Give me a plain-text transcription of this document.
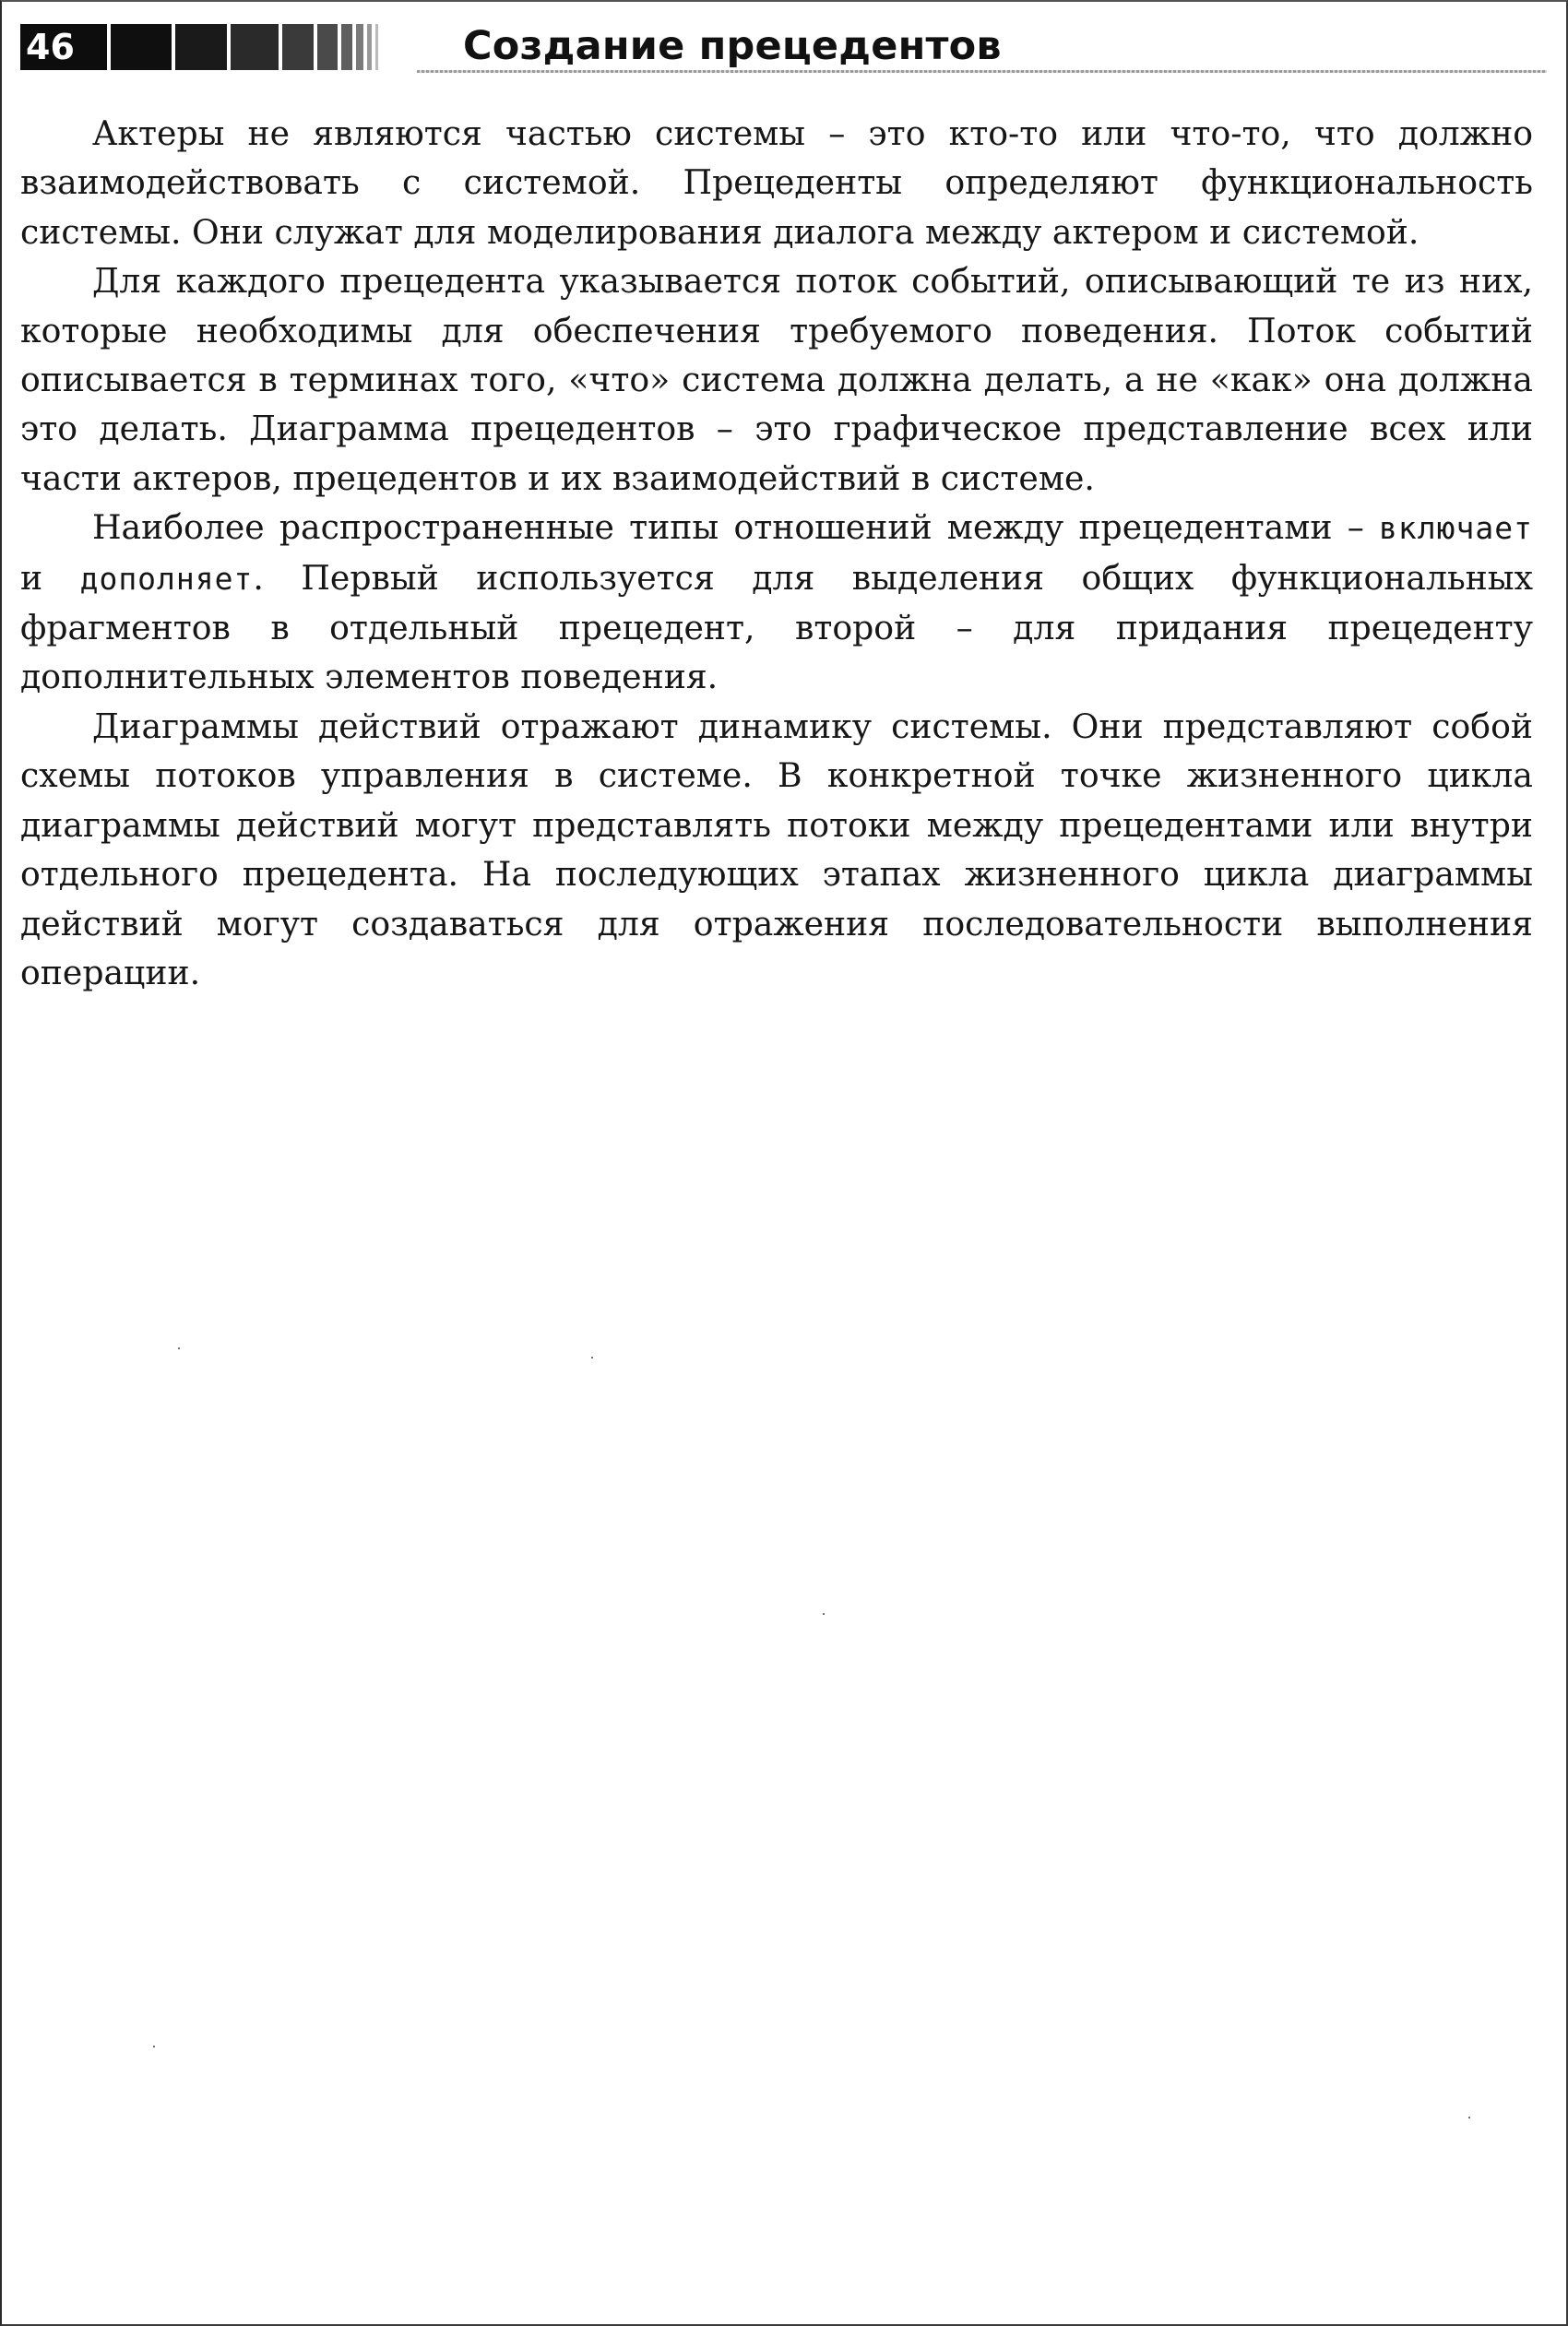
46	Создание прецедентов

Актеры не являются частью системы – это кто-то или что-то, что должно взаимодействовать с системой. Прецеденты определяют функциональность системы. Они служат для моделирования диалога между актером и системой.

Для каждого прецедента указывается поток событий, описывающий те из них, которые необходимы для обеспечения требуемого поведения. Поток событий описывается в терминах того, «что» система должна делать, а не «как» она должна это делать. Диаграмма прецедентов – это графическое представление всех или части актеров, прецедентов и их взаимодействий в системе.

Наиболее распространенные типы отношений между прецедентами – включает и дополняет. Первый используется для выделения общих функциональных фрагментов в отдельный прецедент, второй – для придания прецеденту дополнительных элементов поведения.

Диаграммы действий отражают динамику системы. Они представляют собой схемы потоков управления в системе. В конкретной точке жизненного цикла диаграммы действий могут представлять потоки между прецедентами или внутри отдельного прецедента. На последующих этапах жизненного цикла диаграммы действий могут создаваться для отражения последовательности выполнения операции.
